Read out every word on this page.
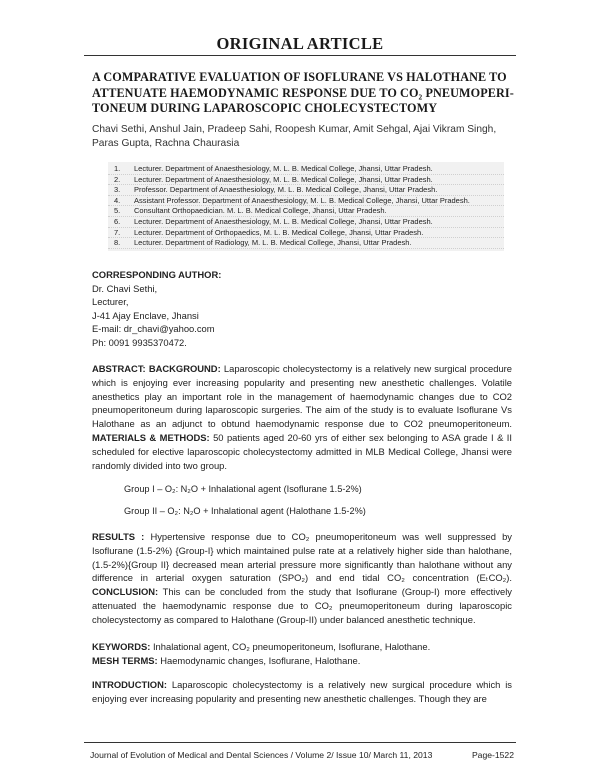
ORIGINAL ARTICLE
A COMPARATIVE EVALUATION OF ISOFLURANE VS HALOTHANE TO
ATTENUATE HAEMODYNAMIC RESPONSE DUE TO CO₂ PNEUMOPERI-
TONEUM DURING LAPAROSCOPIC CHOLECYSTECTOMY
Chavi Sethi, Anshul Jain, Pradeep Sahi, Roopesh Kumar, Amit Sehgal, Ajai Vikram Singh, Paras Gupta, Rachna Chaurasia
1. Lecturer. Department of Anaesthesiology, M. L. B. Medical College, Jhansi, Uttar Pradesh.
2. Lecturer. Department of Anaesthesiology, M. L. B. Medical College, Jhansi, Uttar Pradesh.
3. Professor. Department of Anaesthesiology, M. L. B. Medical College, Jhansi, Uttar Pradesh.
4. Assistant Professor. Department of Anaesthesiology, M. L. B. Medical College, Jhansi, Uttar Pradesh.
5. Consultant Orthopaedician. M. L. B. Medical College, Jhansi, Uttar Pradesh.
6. Lecturer. Department of Anaesthesiology, M. L. B. Medical College, Jhansi, Uttar Pradesh.
7. Lecturer. Department of Orthopaedics, M. L. B. Medical College, Jhansi, Uttar Pradesh.
8. Lecturer. Department of Radiology, M. L. B. Medical College, Jhansi, Uttar Pradesh.
CORRESPONDING AUTHOR:
Dr. Chavi Sethi,
Lecturer,
J-41 Ajay Enclave, Jhansi
E-mail: dr_chavi@yahoo.com
Ph: 0091 9935370472.
ABSTRACT: BACKGROUND: Laparoscopic cholecystectomy is a relatively new surgical procedure which is enjoying ever increasing popularity and presenting new anesthetic challenges. Volatile anesthetics play an important role in the management of haemodynamic changes due to CO2 pneumoperitoneum during laparoscopic surgeries. The aim of the study is to evaluate Isoflurane Vs Halothane as an adjunct to obtund haemodynamic response due to CO2 pneumoperitoneum. MATERIALS & METHODS: 50 patients aged 20-60 yrs of either sex belonging to ASA grade I & II scheduled for elective laparoscopic cholecystectomy admitted in MLB Medical College, Jhansi were randomly divided into two group.
Group I – O₂: N₂O + Inhalational agent (Isoflurane 1.5-2%)
Group II – O₂: N₂O + Inhalational agent (Halothane 1.5-2%)
RESULTS : Hypertensive response due to CO₂ pneumoperitoneum was well suppressed by Isoflurane (1.5-2%) {Group-I} which maintained pulse rate at a relatively higher side than halothane, (1.5-2%){Group II} decreased mean arterial pressure more significantly than halothane without any difference in arterial oxygen saturation (SPO₂) and end tidal CO₂ concentration (EₜCO₂). CONCLUSION: This can be concluded from the study that Isoflurane (Group-I) more effectively attenuated the haemodynamic response due to CO₂ pneumoperitoneum during laparoscopic cholecystectomy as compared to Halothane (Group-II) under balanced anesthetic technique.
KEYWORDS: Inhalational agent, CO₂ pneumoperitoneum, Isoflurane, Halothane.
MESH TERMS: Haemodynamic changes, Isoflurane, Halothane.
INTRODUCTION: Laparoscopic cholecystectomy is a relatively new surgical procedure which is enjoying ever increasing popularity and presenting new anesthetic challenges. Though they are
Journal of Evolution of Medical and Dental Sciences / Volume 2/ Issue 10/ March 11, 2013	Page-1522
